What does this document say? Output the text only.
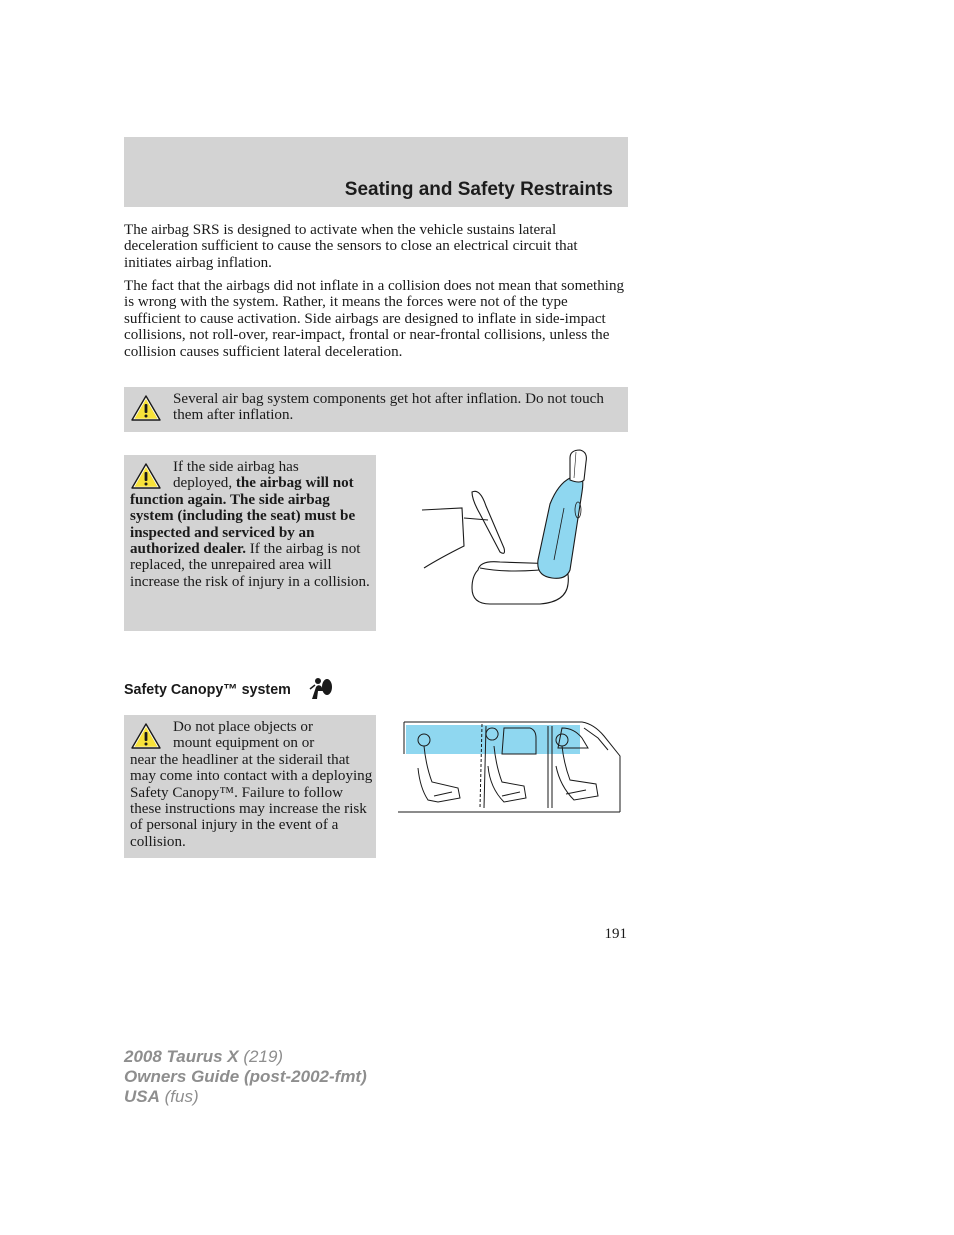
Seating and Safety Restraints

The airbag SRS is designed to activate when the vehicle sustains lateral deceleration sufficient to cause the sensors to close an electrical circuit that initiates airbag inflation.

The fact that the airbags did not inflate in a collision does not mean that something is wrong with the system. Rather, it means the forces were not of the type sufficient to cause activation. Side airbags are designed to inflate in side-impact collisions, not roll-over, rear-impact, frontal or near-frontal collisions, unless the collision causes sufficient lateral deceleration.

Several air bag system components get hot after inflation. Do not touch them after inflation.

If the side airbag has
deployed, the airbag will not function again. The side airbag system (including the seat) must be inspected and serviced by an authorized dealer. If the airbag is not replaced, the unrepaired area will increase the risk of injury in a collision.

Safety Canopy™ system

Do not place objects or
mount equipment on or
near the headliner at the siderail that may come into contact with a deploying Safety Canopy™. Failure to follow these instructions may increase the risk of personal injury in the event of a collision.

191
2008 Taurus X (219)
Owners Guide (post-2002-fmt)
USA (fus)
